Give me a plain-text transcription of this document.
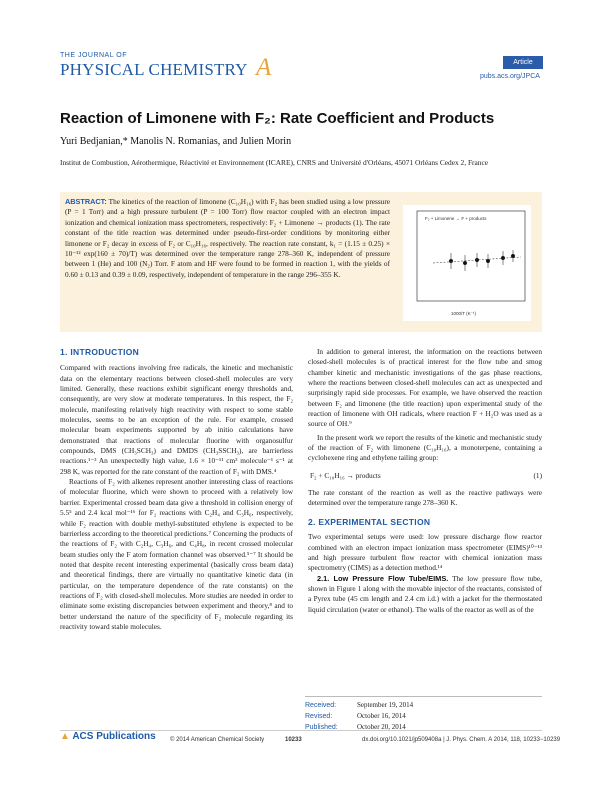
THE JOURNAL OF
PHYSICAL CHEMISTRY A	Article
pubs.acs.org/JPCA
Reaction of Limonene with F₂: Rate Coefficient and Products
Yuri Bedjanian,* Manolis N. Romanias, and Julien Morin
Institut de Combustion, Aérothermique, Réactivité et Environnement (ICARE), CNRS and Université d'Orléans, 45071 Orléans Cedex 2, France
ABSTRACT: The kinetics of the reaction of limonene (C₁₀H₁₆) with F₂ has been studied using a low pressure (P = 1 Torr) and a high pressure turbulent (P = 100 Torr) flow reactor coupled with an electron impact ionization and chemical ionization mass spectrometers, respectively: F₂ + Limonene → products (1). The rate constant of the title reaction was determined under pseudo-first-order conditions by monitoring either limonene or F₂ decay in excess of F₂ or C₁₀H₁₆, respectively. The reaction rate constant, k₁ = (1.15 ± 0.25) × 10⁻¹² exp(160 ± 70)/T) was determined over the temperature range 278–360 K, independent of pressure between 1 (He) and 100 (N₂) Torr. F atom and HF were found to be formed in reaction 1, with the yields of 0.60 ± 0.13 and 0.39 ± 0.09, respectively, independent of temperature in the range 296–355 K.
F₂ + Limonene → F + products
1000/T (K⁻¹)
1. INTRODUCTION

Compared with reactions involving free radicals, the kinetic and mechanistic data on the elementary reactions between closed-shell molecules are very limited. Generally, these reactions exhibit significant energy thresholds and, consequently, are very slow at moderate temperatures. In this respect, the F₂ molecule, manifesting relatively high reactivity with respect to some stable molecules, seems to be an exception of the rule. For example, crossed molecular beam experiments supported by ab initio calculations have demonstrated that reactions of molecular fluorine with organosulfur compounds, DMS (CH₃SCH₃) and DMDS (CH₃SSCH₃), are barrierless reactions.¹⁻³ An unexpectedly high value, 1.6 × 10⁻¹¹ cm³ molecule⁻¹ s⁻¹ at 298 K, was reported for the rate constant of the reaction of F₂ with DMS.⁴

Reactions of F₂ with alkenes represent another interesting class of reactions of molecular fluorine, which were shown to proceed with a relatively low barrier. Experimental crossed beam data give a threshold in collision energy of 5.5⁵ and 2.4 kcal mol⁻¹⁶ for F₂ reactions with C₂H₄ and C₃H₆, respectively, while F₂ reaction with double methyl-substituted ethylene is expected to be barrierless according to the theoretical predictions.⁷ Concerning the products of the reactions of F₂ with C₂H₄, C₃H₆, and C₄H₈, in recent crossed molecular beam studies only the F atom formation channel was observed.⁵⁻⁷ It should be noted that despite recent interesting experimental (basically cross beam data) and theoretical findings, there are virtually no quantitative kinetic data (in particular, on the temperature dependence of the rate constants) on the reactions of F₂ with closed-shell molecules. More studies are needed in order to eliminate some existing discrepancies between experiment and theory,⁸ and to better understand the nature of the specificity of F₂ molecule regarding its reactivity toward stable molecules.

In addition to general interest, the information on the reactions between closed-shell molecules is of practical interest for the flow tube and smog chamber kinetic and mechanistic investigations of the gas phase reactions, where the reactions between closed-shell molecules can act as unexpected and surprisingly rapid side processes. For example, we have observed the reaction between F₂ and limonene (the title reaction) upon experimental study of the reaction of limonene with OH radicals, where reaction F + H₂O was used as a source of OH.⁹

In the present work we report the results of the kinetic and mechanistic study of the reaction of F₂ with limonene (C₁₀H₁₆), a monoterpene, containing a cyclohexene ring and ethylene tailing group:

F₂ + C₁₀H₁₆ → products	(1)

The rate constant of the reaction as well as the reactive pathways were determined over the temperature range 278–360 K.

2. EXPERIMENTAL SECTION

Two experimental setups were used: low pressure discharge flow reactor combined with an electron impact ionization mass spectrometer (EIMS)¹⁰⁻¹³ and high pressure turbulent flow reactor with chemical ionization mass spectrometry (CIMS) as a detection method.¹⁴

2.1. Low Pressure Flow Tube/EIMS. The low pressure flow tube, shown in Figure 1 along with the movable injector of the reactants, consisted of a Pyrex tube (45 cm length and 2.4 cm i.d.) with a jacket for the thermostated liquid circulation (water or ethanol). The walls of the reactor as well as of the

Received:	September 19, 2014
Revised:	October 16, 2014
Published:	October 20, 2014
▲ ACS Publications © 2014 American Chemical Society	10233	dx.doi.org/10.1021/jp509408a | J. Phys. Chem. A 2014, 118, 10233−10239
